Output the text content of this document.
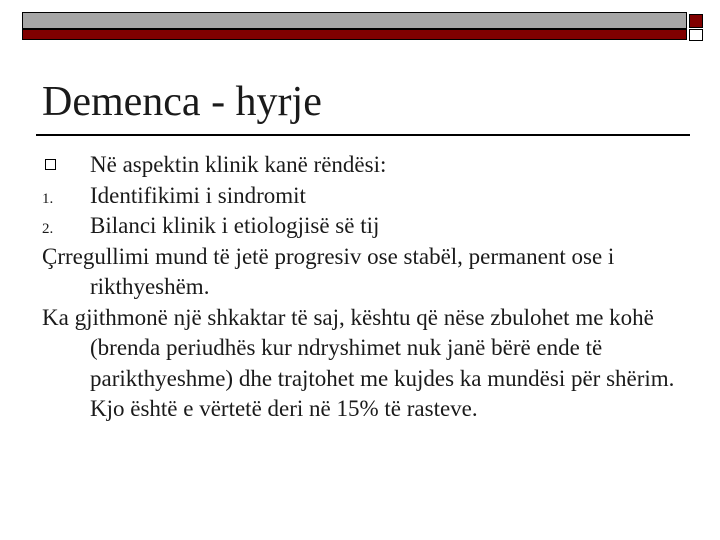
Demenca - hyrje
Në aspektin klinik kanë rëndësi:
1. Identifikimi i sindromit
2. Bilanci klinik i etiologjisë së tij
Çrregullimi mund të jetë progresiv ose stabël, permanent ose i rikthyeshëm.
Ka gjithmonë një shkaktar të saj, kështu që nëse zbulohet me kohë (brenda periudhës kur ndryshimet nuk janë bërë ende të parikthyeshme) dhe trajtohet me kujdes ka mundësi për shërim. Kjo është e vërtetë deri në 15% të rasteve.
